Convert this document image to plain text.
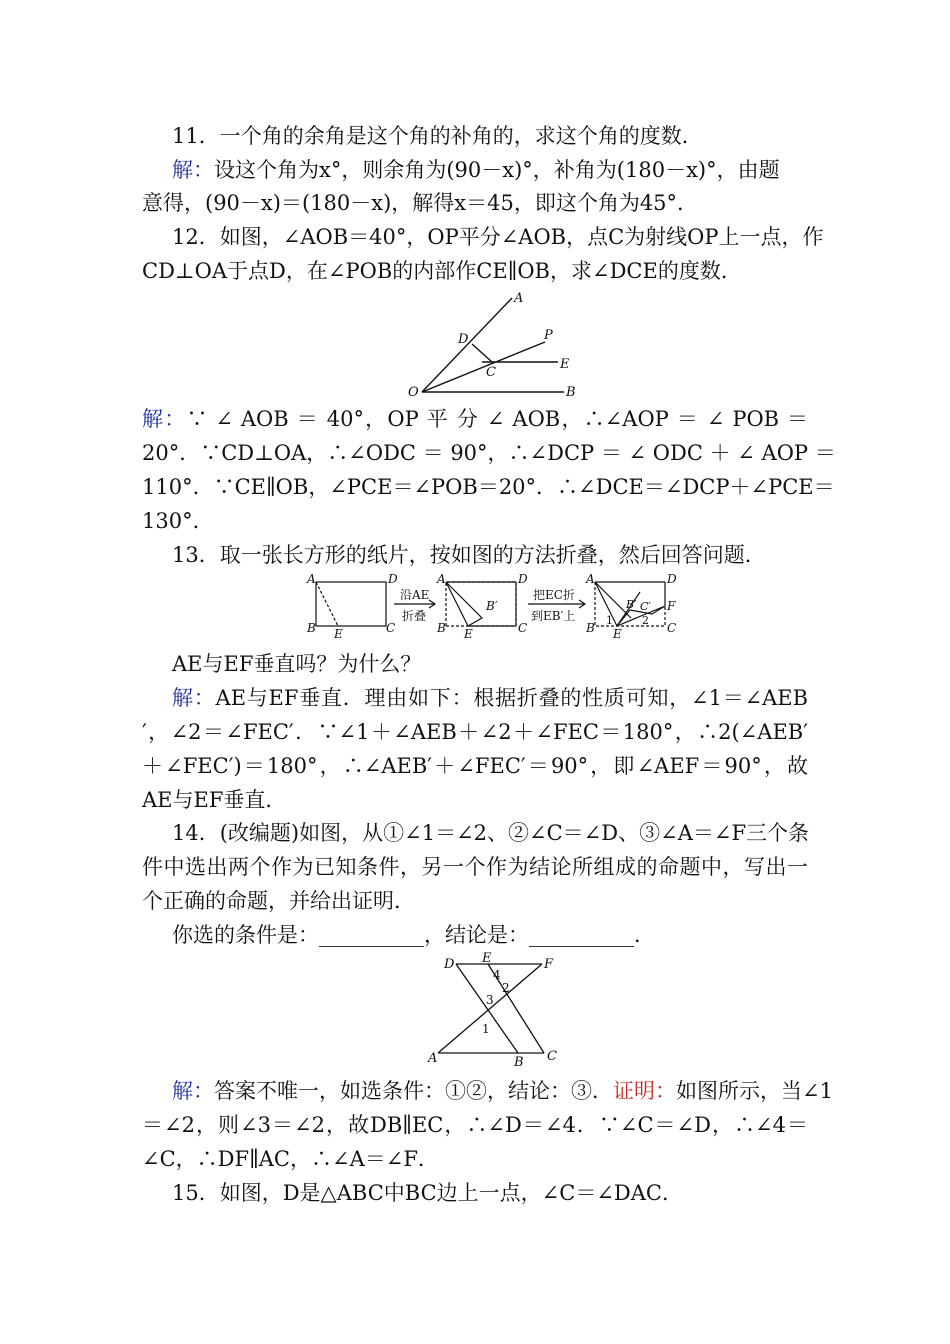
11．一个角的余角是这个角的补角的，求这个角的度数．
解：设这个角为x°，则余角为(90－x)°，补角为(180－x)°，由题
意得，(90－x)＝(180－x)，解得x＝45，即这个角为45°．
12．如图，∠AOB＝40°，OP平分∠AOB，点C为射线OP上一点，作
CD⊥OA于点D，在∠POB的内部作CE∥OB，求∠DCE的度数．
A
P
D
E
C
O	B
解：∵ ∠ AOB ＝ 40°，OP 平 分 ∠ AOB，∴∠AOP ＝ ∠ POB ＝
20°．∵CD⊥OA，∴∠ODC ＝ 90°，∴∠DCP ＝ ∠ ODC ＋ ∠ AOP ＝
110°．∵CE∥OB，∠PCE＝∠POB＝20°．∴∠DCE＝∠DCP＋∠PCE＝
130°．
13．取一张长方形的纸片，按如图的方法折叠，然后回答问题．
A	D
B E	C
沿AE
折叠
A	D
B′
B E	C
把EC折
到EB′上
A	D
B′ C′ F
B
1	2
E	C
AE与EF垂直吗？为什么？
解：AE与EF垂直．理由如下：根据折叠的性质可知，∠1＝∠AEB
′，∠2＝∠FEC′．∵∠1＋∠AEB＋∠2＋∠FEC＝180°，∴2(∠AEB′
＋∠FEC′)＝180°，∴∠AEB′＋∠FEC′＝90°，即∠AEF＝90°，故
AE与EF垂直．
14．(改编题)如图，从①∠1＝∠2、②∠C＝∠D、③∠A＝∠F三个条
件中选出两个作为已知条件，另一个作为结论所组成的命题中，写出一
个正确的命题，并给出证明．
你选的条件是：__________，结论是：__________．
D E	F
A	B C
4
2
3
1
解：答案不唯一，如选条件：①②，结论：③．证明：如图所示，当∠1
＝∠2，则∠3＝∠2，故DB∥EC，∴∠D＝∠4．∵∠C＝∠D，∴∠4＝
∠C，∴DF∥AC，∴∠A＝∠F．
15．如图，D是△ABC中BC边上一点，∠C＝∠DAC．
